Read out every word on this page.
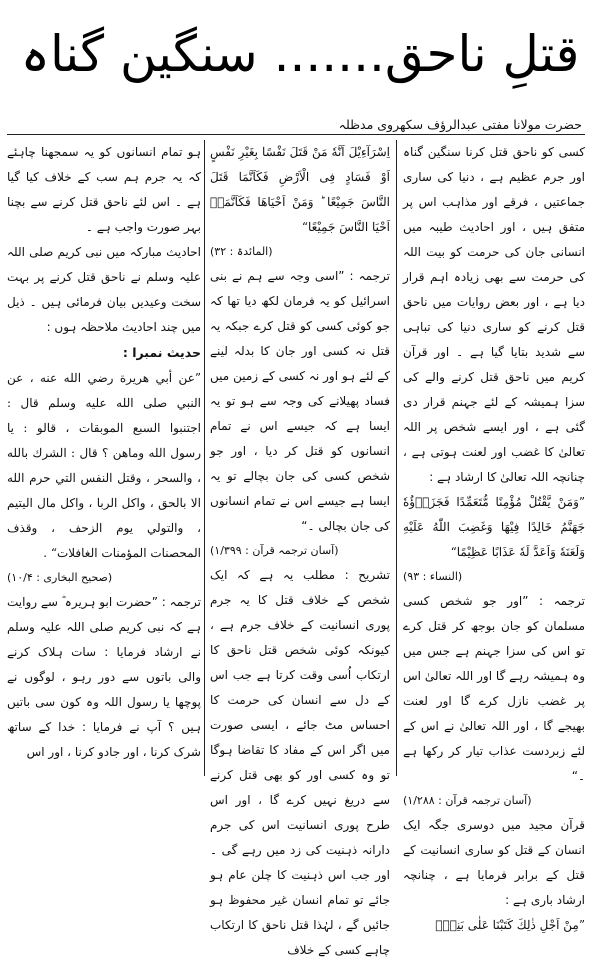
قتلِ ناحق....... سنگین گناہ
حضرت مولانا مفتی عبدالرؤف سکھروی مدظلہ

کسی کو ناحق قتل کرنا سنگین گناہ اور جرم عظیم ہے ، دنیا کی ساری جماعتیں ، فرقے اور مذاہب اس پر متفق ہیں ، اور احادیث طیبہ میں انسانی جان کی حرمت کو بیت اللہ کی حرمت سے بھی زیادہ اہم قرار دیا ہے ، اور بعض روایات میں ناحق قتل کرنے کو ساری دنیا کی تباہی سے شدید بتایا گیا ہے ۔ اور قرآن کریم میں ناحق قتل کرنے والے کی سزا ہمیشہ کے لئے جہنم قرار دی گئی ہے ، اور ایسے شخص پر اللہ تعالیٰ کا غضب اور لعنت ہوتی ہے ، چنانچہ اللہ تعالیٰ کا ارشاد ہے :

”وَمَنْ یَّقْتُلْ مُؤْمِنًا مُّتَعَمِّدًا فَجَزَاۤؤُهٗ جَهَنَّمُ خَالِدًا فِیْهَا وَغَضِبَ اللّٰهُ عَلَیْهِ وَلَعَنَهٗ وَاَعَدَّ لَهٗ عَذَابًا عَظِیْمًا“

(النساء : ۹۳)

ترجمہ : ”اور جو شخص کسی مسلمان کو جان بوجھ کر قتل کرے تو اس کی سزا جہنم ہے جس میں وہ ہمیشہ رہے گا اور اللہ تعالیٰ اس پر غضب نازل کرے گا اور لعنت بھیجے گا ، اور اللہ تعالیٰ نے اس کے لئے زبردست عذاب تیار کر رکھا ہے ۔“

(آسان ترجمہ قرآن : ۱/۲۸۸)

قرآن مجید میں دوسری جگہ ایک انسان کے قتل کو ساری انسانیت کے قتل کے برابر فرمایا ہے ، چنانچہ ارشاد باری ہے :

”مِنْ اَجْلِ ذٰلِكَ كَتَبْنَا عَلٰى بَنِیْۤ

اِسْرَآءِیْلَ اَنَّهٗ مَنْ قَتَلَ نَفْسًا بِغَیْرِ نَفْسٍ اَوْ فَسَادٍ فِی الْاَرْضِ فَكَاَنَّمَا قَتَلَ النَّاسَ جَمِیْعًا ؕ وَمَنْ اَحْیَاهَا فَكَاَنَّمَاۤ اَحْیَا النَّاسَ جَمِیْعًا“

(المائدۃ : ۳۲)

ترجمہ : ”اسی وجہ سے ہم نے بنی اسرائیل کو یہ فرمان لکھ دیا تھا کہ جو کوئی کسی کو قتل کرے جبکہ یہ قتل نہ کسی اور جان کا بدلہ لینے کے لئے ہو اور نہ کسی کے زمین میں فساد پھیلانے کی وجہ سے ہو تو یہ ایسا ہے کہ جیسے اس نے تمام انسانوں کو قتل کر دیا ، اور جو شخص کسی کی جان بچالے تو یہ ایسا ہے جیسے اس نے تمام انسانوں کی جان بچالی ۔“

(آسان ترجمہ قرآن : ۱/۳۹۹)

تشریح : مطلب یہ ہے کہ ایک شخص کے خلاف قتل کا یہ جرم پوری انسانیت کے خلاف جرم ہے ، کیونکہ کوئی شخص قتل ناحق کا ارتکاب اُسی وقت کرتا ہے جب اس کے دل سے انسان کی حرمت کا احساس مٹ جائے ، ایسی صورت میں اگر اس کے مفاد کا تقاضا ہوگا تو وہ کسی اور کو بھی قتل کرنے سے دریغ نہیں کرے گا ، اور اس طرح پوری انسانیت اس کی جرم دارانہ ذہنیت کی زد میں رہے گی ۔ اور جب اس ذہنیت کا چلن عام ہو جائے تو تمام انسان غیر محفوظ ہو جائیں گے ، لہٰذا قتل ناحق کا ارتکاب چاہے کسی کے خلاف

ہو تمام انسانوں کو یہ سمجھنا چاہئے کہ یہ جرم ہم سب کے خلاف کیا گیا ہے ۔ اس لئے ناحق قتل کرنے سے بچنا بہر صورت واجب ہے ۔

احادیث مبارکہ میں نبی کریم صلی اللہ علیہ وسلم نے ناحق قتل کرنے پر بہت سخت وعیدیں بیان فرمائی ہیں ۔ ذیل میں چند احادیث ملاحظہ ہوں :

حدیث نمبرا :

”عن أبي هريرة رضي الله عنه ، عن النبي صلى الله عليه وسلم قال : اجتنبوا السبع الموبقات ، قالو : يا رسول الله وماهن ؟ قال : الشرك بالله ، والسحر ، وقتل النفس التي حرم الله الا بالحق ، واكل الربا ، واكل مال اليتيم ، والتولي يوم الزحف ، وقذف المحصنات المؤمنات الغافلات“ .

(صحیح البخاری : ۱۰/۴)

ترجمہ : ”حضرت ابو ہریرہ ؓ سے روایت ہے کہ نبی کریم صلی اللہ علیہ وسلم نے ارشاد فرمایا : سات ہلاک کرنے والی باتوں سے دور رہو ، لوگوں نے پوچھا یا رسول اللہ وہ کون سی باتیں ہیں ؟ آپ نے فرمایا : خدا کے ساتھ شرک کرنا ، اور جادو کرنا ، اور اس
